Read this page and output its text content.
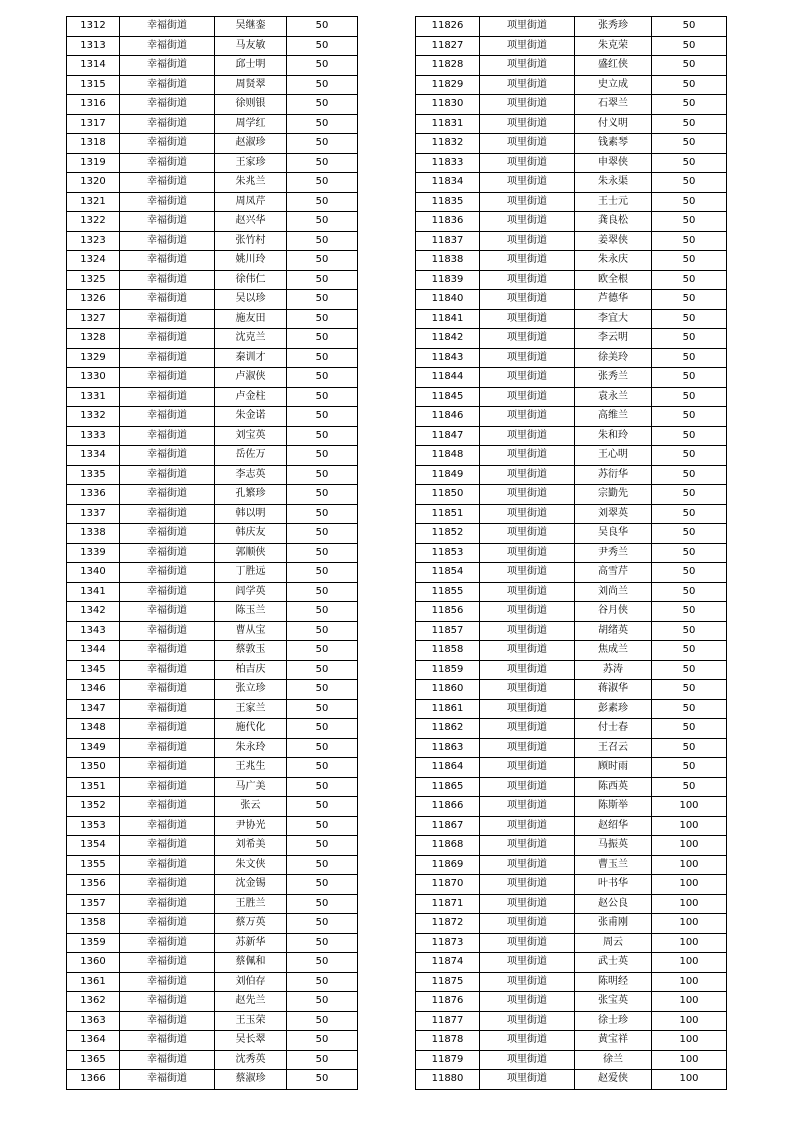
1312	幸福街道	吴继銮	50
1313	幸福街道	马友敏	50
1314	幸福街道	邱士明	50
1315	幸福街道	周贤翠	50
1316	幸福街道	徐则银	50
1317	幸福街道	周学红	50
1318	幸福街道	赵淑珍	50
1319	幸福街道	王家珍	50
1320	幸福街道	朱兆兰	50
1321	幸福街道	周凤芹	50
1322	幸福街道	赵兴华	50
1323	幸福街道	张竹村	50
1324	幸福街道	姚川玲	50
1325	幸福街道	徐伟仁	50
1326	幸福街道	吴以珍	50
1327	幸福街道	施友田	50
1328	幸福街道	沈克兰	50
1329	幸福街道	秦训才	50
1330	幸福街道	卢淑侠	50
1331	幸福街道	卢金柱	50
1332	幸福街道	朱金诺	50
1333	幸福街道	刘宝英	50
1334	幸福街道	岳佐万	50
1335	幸福街道	李志英	50
1336	幸福街道	孔繁珍	50
1337	幸福街道	韩以明	50
1338	幸福街道	韩庆友	50
1339	幸福街道	郭顺侠	50
1340	幸福街道	丁胜远	50
1341	幸福街道	闾学英	50
1342	幸福街道	陈玉兰	50
1343	幸福街道	曹从宝	50
1344	幸福街道	蔡敦玉	50
1345	幸福街道	柏吉庆	50
1346	幸福街道	张立珍	50
1347	幸福街道	王家兰	50
1348	幸福街道	施代化	50
1349	幸福街道	朱永玲	50
1350	幸福街道	王兆生	50
1351	幸福街道	马广美	50
1352	幸福街道	张云	50
1353	幸福街道	尹协光	50
1354	幸福街道	刘希美	50
1355	幸福街道	朱文侠	50
1356	幸福街道	沈金锡	50
1357	幸福街道	王胜兰	50
1358	幸福街道	蔡万英	50
1359	幸福街道	苏新华	50
1360	幸福街道	蔡佩和	50
1361	幸福街道	刘伯存	50
1362	幸福街道	赵先兰	50
1363	幸福街道	王玉荣	50
1364	幸福街道	吴长翠	50
1365	幸福街道	沈秀英	50
1366	幸福街道	蔡淑珍	50
11826	项里街道	张秀珍	50
11827	项里街道	朱克荣	50
11828	项里街道	盛红侠	50
11829	项里街道	史立成	50
11830	项里街道	石翠兰	50
11831	项里街道	付义明	50
11832	项里街道	钱素琴	50
11833	项里街道	申翠侠	50
11834	项里街道	朱永渠	50
11835	项里街道	王士元	50
11836	项里街道	龚良松	50
11837	项里街道	姜翠侠	50
11838	项里街道	朱永庆	50
11839	项里街道	欧全根	50
11840	项里街道	芦德华	50
11841	项里街道	李宜大	50
11842	项里街道	李云明	50
11843	项里街道	徐美玲	50
11844	项里街道	张秀兰	50
11845	项里街道	袁永兰	50
11846	项里街道	高维兰	50
11847	项里街道	朱和玲	50
11848	项里街道	王心明	50
11849	项里街道	苏衍华	50
11850	项里街道	宗勤先	50
11851	项里街道	刘翠英	50
11852	项里街道	吴良华	50
11853	项里街道	尹秀兰	50
11854	项里街道	高雪芹	50
11855	项里街道	刘尚兰	50
11856	项里街道	谷月侠	50
11857	项里街道	胡绪英	50
11858	项里街道	焦成兰	50
11859	项里街道	苏涛	50
11860	项里街道	蒋淑华	50
11861	项里街道	彭素珍	50
11862	项里街道	付士春	50
11863	项里街道	王召云	50
11864	项里街道	顾时雨	50
11865	项里街道	陈西英	50
11866	项里街道	陈斯举	100
11867	项里街道	赵绍华	100
11868	项里街道	马振英	100
11869	项里街道	曹玉兰	100
11870	项里街道	叶书华	100
11871	项里街道	赵公良	100
11872	项里街道	张甫刚	100
11873	项里街道	周云	100
11874	项里街道	武士英	100
11875	项里街道	陈明经	100
11876	项里街道	张宝英	100
11877	项里街道	徐士珍	100
11878	项里街道	黄宝祥	100
11879	项里街道	徐兰	100
11880	项里街道	赵爱侠	100
